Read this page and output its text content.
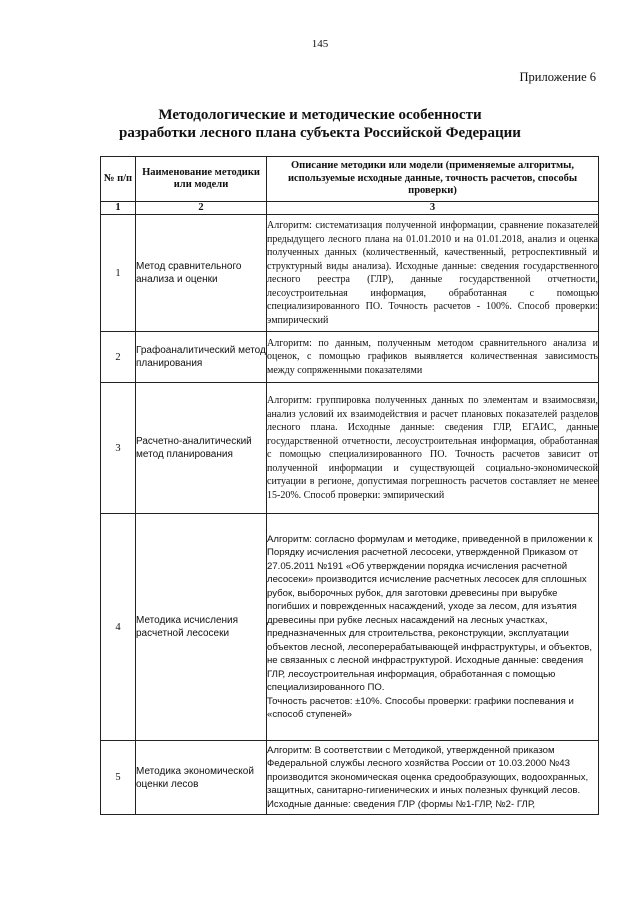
145
Приложение 6
Методологические и методические особенности
разработки лесного плана субъекта Российской Федерации
№ п/п	Наименование методики или модели	Описание методики или модели (применяемые алгоритмы, используемые исходные данные, точность расчетов, способы проверки)
1	2	3
1	Метод сравнительного анализа и оценки	Алгоритм: систематизация полученной информации, сравнение показателей предыдущего лесного плана на 01.01.2010 и на 01.01.2018, анализ и оценка полученных данных (количественный, качественный, ретроспективный и структурный виды анализа). Исходные данные: сведения государственного лесного реестра (ГЛР), данные государственной отчетности, лесоустроительная информация, обработанная с помощью специализированного ПО. Точность расчетов - 100%. Способ проверки: эмпирический
2	Графоаналитический метод планирования	Алгоритм: по данным, полученным методом сравнительного анализа и оценок, с помощью графиков выявляется количественная зависимость между сопряженными показателями
3	Расчетно-аналитический метод планирования	Алгоритм: группировка полученных данных по элементам и взаимосвязи, анализ условий их взаимодействия и расчет плановых показателей разделов лесного плана. Исходные данные: сведения ГЛР, ЕГАИС, данные государственной отчетности, лесоустроительная информация, обработанная с помощью специализированного ПО. Точность расчетов зависит от полученной информации и существующей социально-экономической ситуации в регионе, допустимая погрешность расчетов составляет не менее 15-20%. Способ проверки: эмпирический
4	Методика исчисления расчетной лесосеки	Алгоритм: согласно формулам и методике, приведенной в приложении к Порядку исчисления расчетной лесосеки, утвержденной Приказом от 27.05.2011 №191 «Об утверждении порядка исчисления расчетной лесосеки» производится исчисление расчетных лесосек для сплошных рубок, выборочных рубок, для заготовки древесины при вырубке погибших и поврежденных насаждений, уходе за лесом, для изъятия древесины при рубке лесных насаждений на лесных участках, предназначенных для строительства, реконструкции, эксплуатации объектов лесной, лесоперерабатывающей инфраструктуры, и объектов, не связанных с лесной инфраструктурой. Исходные данные: сведения ГЛР, лесоустроительная информация, обработанная с помощью специализированного ПО.
Точность расчетов: ±10%. Способы проверки: графики поспевания и «способ ступеней»

5	Методика экономической оценки лесов	Алгоритм: В соответствии с Методикой, утвержденной приказом Федеральной службы лесного хозяйства России от 10.03.2000 №43 производится экономическая оценка средообразующих, водоохранных, защитных, санитарно-гигиенических и иных полезных функций лесов.
Исходные данные: сведения ГЛР (формы №1-ГЛР, №2- ГЛР,
